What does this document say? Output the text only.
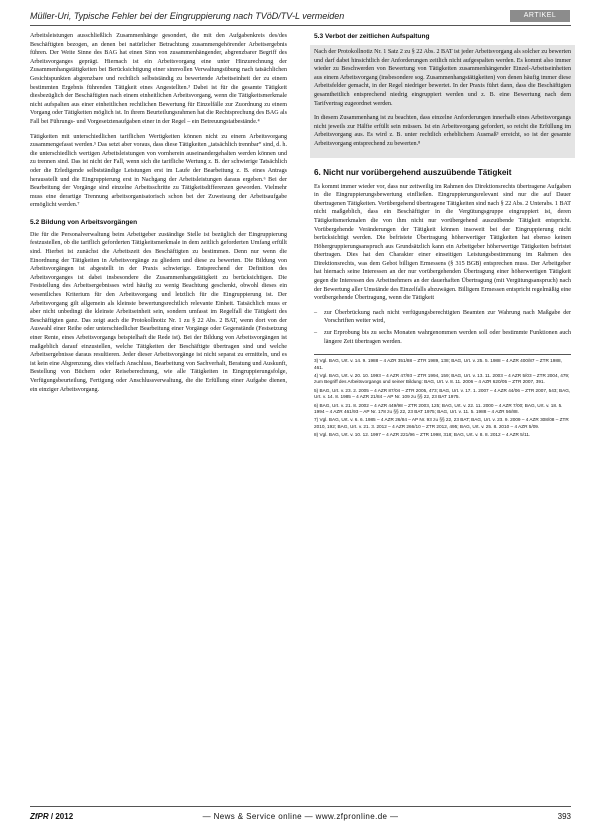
Müller-Uri, Typische Fehler bei der Eingruppierung nach TVöD/TV-L vermeiden	ARTIKEL

Arbeitsleistungen ausschließlich Zusammenhänge gesondert, die mit den Aufgabenkreis des/des Beschäftigten bezogen, an denen bei natürlicher Betrachtung zusammengehörender Arbeitsergebnis führen. Der Weite Sinne des BAG hat einen Sinn von zusammenhängender, abgrenzbarer Begriff des Arbeitsvorganges geprägt. Hiernach ist ein Arbeitsvorgang eine unter Hinzurechnung der Zusammenhangstätigkeiten bei Berücksichtigung einer sinnvollen Verwaltungsübung nach tatsächlichen Gesichtspunkten abgrenzbare und rechtlich selbstständig zu bewertende Arbeitseinheit der zu einem bestimmten Ergebnis führenden Tätigkeit eines Angestellten.³ Dabei ist für die gesamte Tätigkeit diesbezüglich der Beschäftigten nach einem einheitlichen Arbeitsvorgang, wenn die Tätigkeitsmerkmale nicht aufspalten aus einer einheitlichen rechtlichen Bewertung für Einzelfälle zur Zuordnung zu einem Vorgang oder Tätigkeiten möglich ist. In ihrem Beurteilungsrahmen hat die Rechtsprechung des BAG als Fall bei Führungs- und Vorgesetztenaufgaben einer in der Regel – ein Betreuungstatbestände.⁴

Tätigkeiten mit unterschiedlichen tariflichen Wertigkeiten können nicht zu einem Arbeitsvorgang zusammengefasst werden.⁵ Das setzt aber voraus, dass diese Tätigkeiten „tatsächlich trennbar“ sind, d. h. die unterschiedlich wertigen Arbeitsleistungen von vornherein auseinandergehalten werden können und zu trennen sind. Das ist nicht der Fall, wenn sich die tarifliche Wertung z. B. der schwierige Tatsächlich oder die Erledigende selbstständige Leistungen erst im Laufe der Bearbeitung z. B. eines Antrags herausstellt und die Eingruppierung erst in Nachgang der Arbeitsleistungen daraus ergeben.⁶ Bei der Bearbeitung der Vorgänge sind einzelne Arbeitsschritte zu Tätigkeitsdifferenzen geworden. Vielmehr muss eine derartige Trennung arbeitsorganisatorisch schon bei der Zuweisung der Arbeitsaufgabe ermöglicht werden.⁷

5.2 Bildung von Arbeitsvorgängen

Die für die Personalverwaltung beim Arbeitgeber zuständige Stelle ist bezüglich der Eingruppierung festzustellen, ob die tariflich geforderten Tätigkeitsmerkmale in dem zeitlich geforderten Umfang erfüllt sind. Hierbei ist zunächst die Arbeitszeit des Beschäftigten zu bestimmen. Denn nur wenn die Einordnung der Tätigkeiten in Arbeitsvorgänge zu gliedern und diese zu bewerten. Die Bildung von Arbeitsvorgängen ist abgestellt in der Praxis schwierige. Entsprechend der Definition des Arbeitsvorganges ist dabei insbesondere die Zusammenhangstätigkeit zu berücksichtigen. Die Feststellung des Arbeitsergebnisses wird häufig zu wenig Beachtung geschenkt, obwohl dieses ein wesentliches Kriterium für den Arbeitsvorgang und letztlich für die Eingruppierung ist. Der Arbeitsvorgang gilt allgemein als kleinste bewertungsrechtlich relevante Einheit. Tatsächlich muss er aber nicht unbedingt die kleinste Arbeitseinheit sein, sondern umfasst im Regelfall die Tätigkeit des Beschäftigten ganz. Das zeigt auch die Protokollnotiz Nr. 1 zu § 22 Abs. 2 BAT, wenn dort von der Auswahl einer Reihe oder unterschiedlicher Bearbeitung einer Vorgänge oder Gegenstände (Festsetzung einer Rente, eines Arbeitsvorgangs beispielhaft die Rede ist). Bei der Bildung von Arbeitsvorgängen ist maßgeblich darauf einzustellen, welche Tätigkeiten der Beschäftigte übertragen sind und welche Arbeitsergebnisse daraus resultieren. Jeder dieser Arbeitsvorgänge ist nicht separat zu ermitteln, und es ist kein eine Abgrenzung, dies vielfach Anschluss, Bearbeitung von Sachverhalt, Beratung und Auskunft, Bestellung von Büchern oder Reiseberechnung, wie alle Tätigkeiten in Eingruppierungsfolge, Verfügungsbeurteilung, Fertigung oder Anschlussverwaltung, die die Erfüllung einer Aufgabe dienen, ein einziger Arbeitsvorgang.

5.3 Verbot der zeitlichen Aufspaltung

Nach der Protokollnotiz Nr. 1 Satz 2 zu § 22 Abs. 2 BAT ist jeder Arbeitsvorgang als solcher zu bewerten und darf dabei hinsichtlich der Anforderungen zeitlich nicht aufgespalten werden. Es kommt also immer wieder zu Beschwerden von Bewertung von Tätigkeiten zusammenhängender Einzel-Arbeitseinheiten aus einem Arbeitsvorgang (insbesondere sog. Zusammenhangstätigkeiten) von denen häufig immer diese Arbeitsfelder gemacht, in der Regel niedriger bewertet. In der Praxis führt dann, dass die Beschäftigten gesamtheitlich entsprechend niedrig eingruppiert werden und z. B. eine Bewertung nach dem Tarifvertrag zugeordnet werden.

In diesem Zusammenhang ist zu beachten, dass einzelne Anforderungen innerhalb eines Arbeitsvorgangs nicht jeweils zur Hälfte erfüllt sein müssen. Ist ein Arbeitsvorgang gefordert, so reicht die Erfüllung im Arbeitsvorgang aus. Es wird z. B. unter rechtlich erheblichem Ausmaß³ erreicht, so ist der gesamte Arbeitsvorgang entsprechend zu bewerten.⁸

6. Nicht nur vorübergehend auszuübende Tätigkeit

Es kommt immer wieder vor, dass nur zeitweilig im Rahmen des Direktionsrechts übertragene Aufgaben in die Eingruppierungsbewertung einfließen. Eingruppierungsrelevant sind nur die auf Dauer übertragenen Tätigkeiten. Vorübergehend übertragene Tätigkeiten sind nach § 22 Abs. 2 Unterabs. 1 BAT nicht maßgeblich, dass ein Beschäftigter in die Vergütungsgruppe eingruppiert ist, deren Tätigkeitsmerkmalen die von ihm nicht nur vorübergehend auszuübende Tätigkeit entspricht. Vorübergehende Veränderungen der Tätigkeit können insoweit bei der Eingruppierung nicht berücksichtigt werden. Die befristete Übertragung höherwertiger Tätigkeiten hat ebenso keinen Höhergruppierungsanspruch aus Grundsätzlich kann ein Arbeitgeber höherwertige Tätigkeiten befristet übertragen. Dies hat den Charakter einer einseitigen Leistungsbestimmung im Rahmen des Direktionsrechts, was dem Gebot billigen Ermessens (§ 315 BGB) entsprechen muss. Der Arbeitgeber hat hiernach seine Interessen an der nur vorübergehenden Übertragung einer höherwertigen Tätigkeit gegen die Interessen des Arbeitnehmers an der dauerhaften Übertragung (mit Vergütungsanspruch) nach der Bewertung aller Umstände des Einzelfalls abzuwägen. Billigem Ermessen entspricht regelmäßig eine vorübergehende Übertragung, wenn die Tätigkeit

– zur Überbrückung nach nicht verfügungsberechtigten Beamten zur Wahrung nach Maßgabe der Vorschriften weiter wird,
– zur Erprobung bis zu sechs Monaten wahrgenommen werden soll oder bestimmte Funktionen auch längere Zeit übertragen werden.

3) Vgl. BAG, Urt. v. 14. 9. 1988 – 4 AZR 351/88 – ZTR 1989, 138; BAG, Urt. v. 25. 5. 1988 – 4 AZR 400/87 – ZTR 1988, 461.

4) Vgl. BAG, Urt. v. 20. 10. 1993 – 4 AZR 47/93 – ZTR 1994, 159; BAG, Urt. v. 13. 11. 2003 – 4 AZR 5/03 – ZTR 2004, 479; zum Begriff des Arbeitsvorgangs und seiner Bildung: BAG, Urt. v. 8. 11. 2006 – 4 AZR 620/05 – ZTR 2007, 391.

5) BAG, Urt. v. 23. 2. 2005 – 4 AZR 87/04 – ZTR 2005, 473; BAG, Urt. v. 17. 1. 2007 – 4 AZR 44/06 – ZTR 2007, 543; BAG, Urt. v. 14. 8. 1985 – 4 AZR 21/84 – AP Nr. 109 zu §§ 22, 23 BAT 1975.

6) BAG, Urt. v. 21. 8. 2002 – 4 AZR 449/98 – ZTR 2003, 125; BAG, Urt. v. 22. 11. 2000 – 4 AZR 7/00; BAG, Urt. v. 18. 5. 1994 – 4 AZR 461/93 – AP Nr. 178 zu §§ 22, 23 BAT 1975; BAG, Urt. v. 11. 5. 1988 – 4 AZR 56/88.

7) Vgl. BAG, Urt. v. 6. 6. 1985 – 4 AZR 26/84 – AP Nr. 93 zu §§ 22, 23 BAT; BAG, Urt. v. 23. 9. 2009 – 4 AZR 308/08 – ZTR 2010, 192; BAG, Urt. v. 21. 3. 2012 – 4 AZR 266/10 – ZTR 2012, 495; BAG, Urt. v. 25. 8. 2010 – 4 AZR 5/09.

8) Vgl. BAG, Urt. v. 10. 12. 1997 – 4 AZR 221/96 – ZTR 1998, 318; BAG, Urt. v. 8. 8. 2012 – 4 AZR 5/11.

— News & Service online — www.zfpronline.de —
ZfPR / 2012	393
